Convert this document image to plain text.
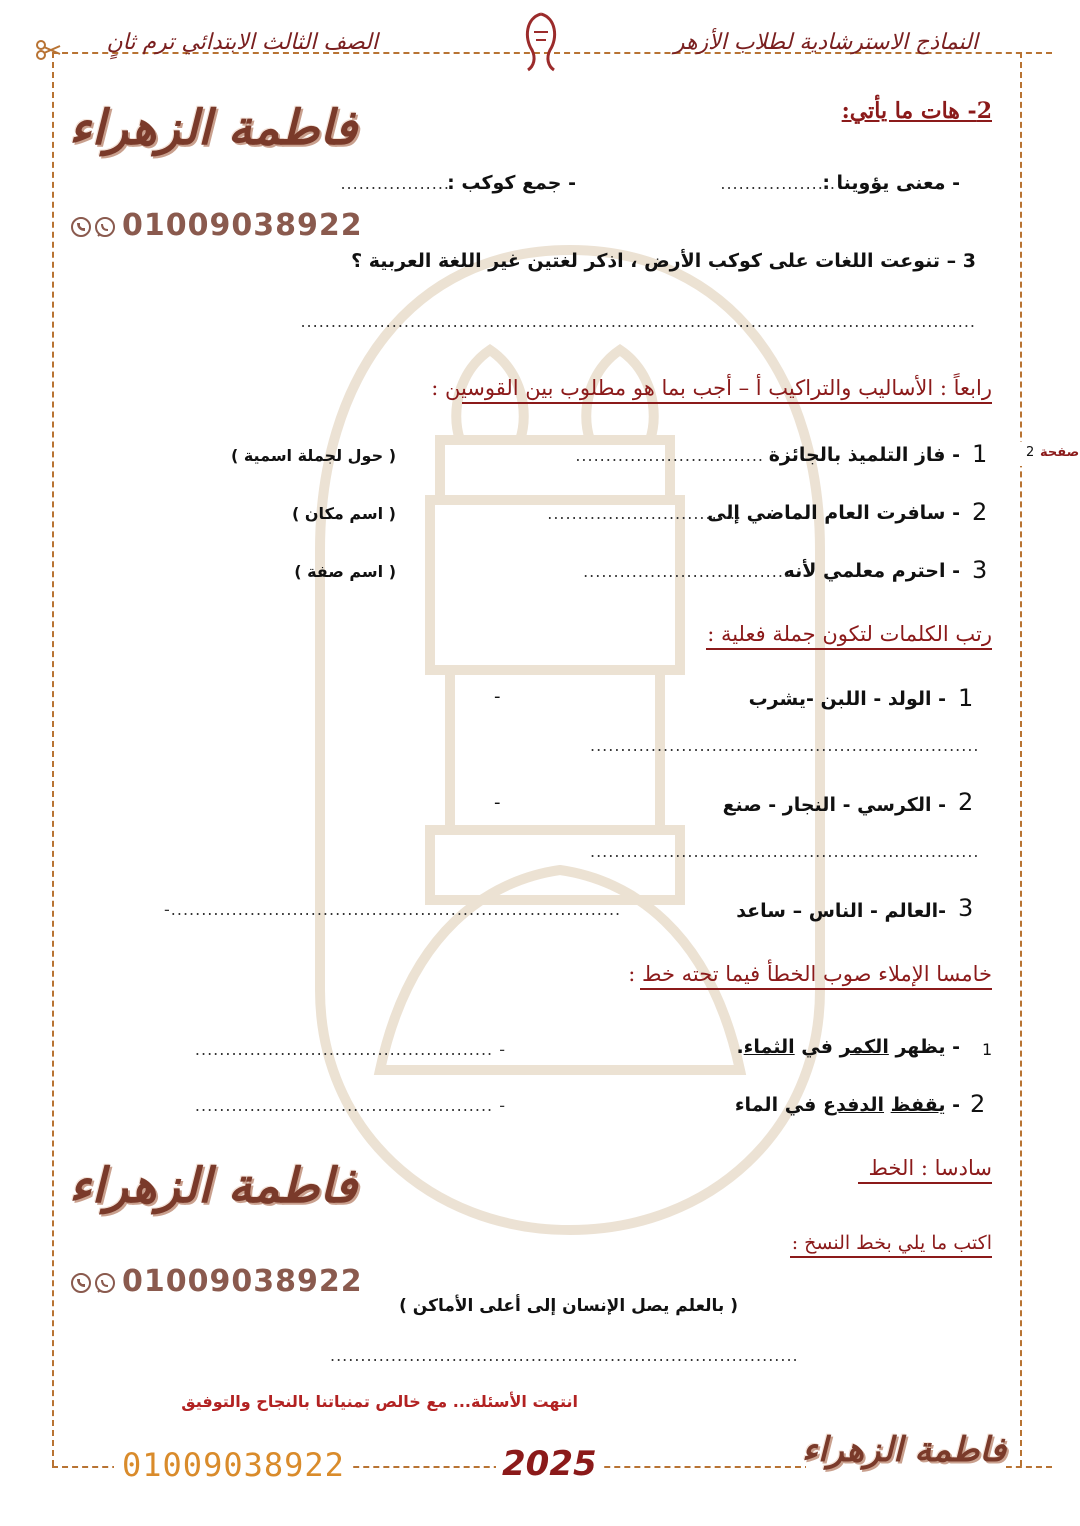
الصف الثالث الابتدائي ترم ثانٍ	النماذج الاسترشادية لطلاب الأزهر
2 صفحة
فاطمة الزهراء
01009038922
2- هات ما يأتي:
- معنى يؤوينا :
...................
- جمع كوكب :
..................
3 – تنوعت اللغات على كوكب الأرض ، اذكر لغتين غير اللغة العربية ؟
...............................................................................................................
رابعاً : الأساليب والتراكيب أ – أجب بما هو مطلوب بين القوسين :
1
- فاز التلميذ بالجائزة
...............................
( حول لجملة اسمية )
2
- سافرت العام الماضي إلى
................................
( اسم مكان )
3
- احترم معلمي لأنه
..................................
( اسم صفة )
رتب الكلمات لتكون جملة فعلية :
1
- الولد - اللبن -يشرب
-
................................................................
2
- الكرسي - النجار - صنع
-
................................................................
3
-العالم - الناس – ساعد
-..........................................................................
خامسا الإملاء صوب الخطأ فيما تحته خط :
1
- يظهر الكمر في الثماء.
................................................. -
2
- يقفظ الدفدع في الماء
................................................. -
سادسا : الخط
اكتب ما يلي بخط النسخ :
( بالعلم يصل الإنسان إلى أعلى الأماكن )
.............................................................................
فاطمة الزهراء
01009038922
انتهت الأسئلة... مع خالص تمنياتنا بالنجاح والتوفيق
01009038922	2025	فاطمة الزهراء
